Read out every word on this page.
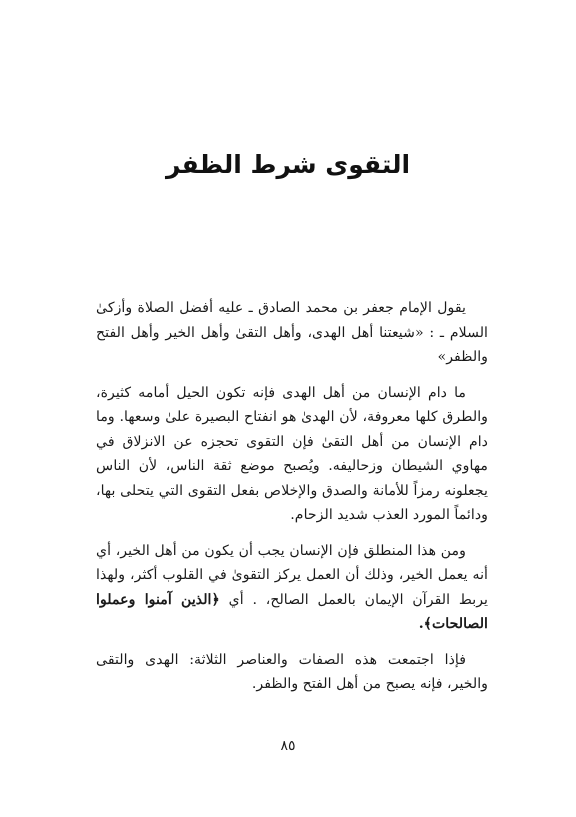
التقوى شرط الظفر

يقول الإمام جعفر بن محمد الصادق ـ عليه أفضل الصلاة وأزكىٰ السلام ـ : «شيعتنا أهل الهدى، وأهل التقىٰ وأهل الخير وأهل الفتح والظفر»

ما دام الإنسان من أهل الهدى فإنه تكون الحيل أمامه كثيرة، والطرق كلها معروفة، لأن الهدىٰ هو انفتاح البصيرة علىٰ وسعها. وما دام الإنسان من أهل التقىٰ فإن التقوى تحجزه عن الانزلاق في مهاوي الشيطان وزحاليفه. ويُصبح موضع ثقة الناس، لأن الناس يجعلونه رمزاً للأمانة والصدق والإخلاص بفعل التقوى التي يتحلى بها، ودائماً المورد العذب شديد الزحام.

ومن هذا المنطلق فإن الإنسان يجب أن يكون من أهل الخير، أي أنه يعمل الخير، وذلك أن العمل يركز التقوىٰ في القلوب أكثر، ولهذا يربط القرآن الإيمان بالعمل الصالح، . أي ﴿الذين آمنوا وعملوا الصالحات﴾.

فإذا اجتمعت هذه الصفات والعناصر الثلاثة: الهدى والتقى والخير، فإنه يصبح من أهل الفتح والظفر.

٨٥
